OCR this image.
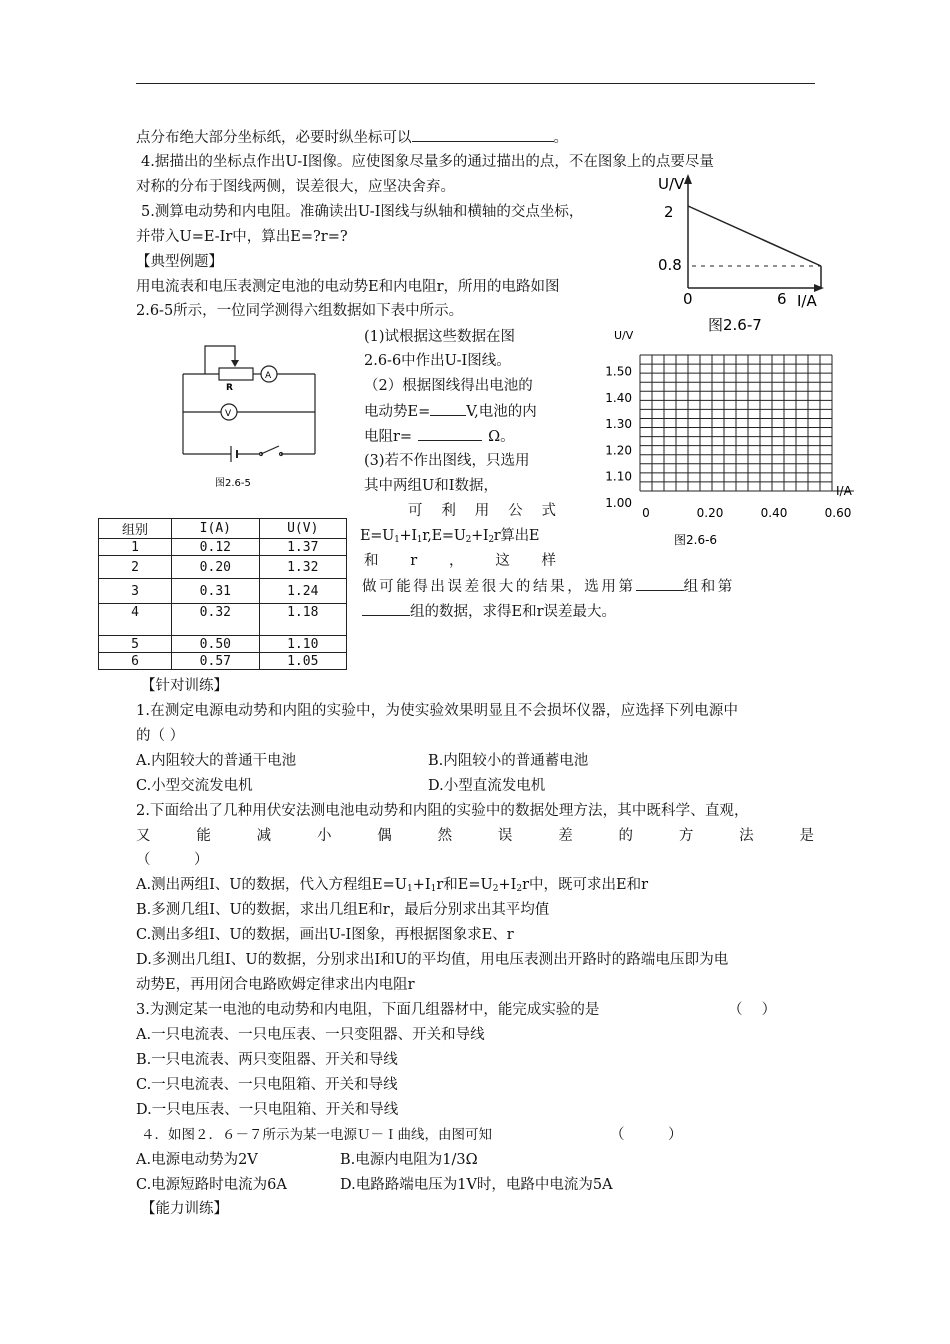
点分布绝大部分坐标纸，必要时纵坐标可以	。
4.据描出的坐标点作出U-I图像。应使图象尽量多的通过描出的点，不在图象上的点要尽量
对称的分布于图线两侧，误差很大，应坚决舍弃。
5.测算电动势和内电阻。准确读出U-I图线与纵轴和横轴的交点坐标，
并带入U=E-Ir中，算出E=?r=?
【典型例题】
用电流表和电压表测定电池的电动势E和内电阻r，所用的电路如图
2.6-5所示，一位同学测得六组数据如下表中所示。
U/V
2
0.8
0	6 I/A
图2.6-7
R
A
V
图2.6-5
(1)试根据这些数据在图
2.6-6中作出U-I图线。
（2）根据图线得出电池的
电动势E= V,电池的内
电阻r=	Ω。
(3)若不作出图线，只选用
其中两组U和I数据，
可利用公式
$E=U_1+I_1r,E=U_2+I_2r$算出E
和r，这样
做可能得出误差很大的结果，选用第	组和第
组的数据，求得E和r误差最大。
U/V
1.50
1.40
1.30
1.20
1.10
1.00
0	0.20	0.40	0.60
I/A
图2.6-6
组别	I(A)	U(V)
1	0.12	1.37
2	0.20	1.32
3	0.31	1.24
4	0.32	1.18
5	0.50	1.10
6	0.57	1.05
【针对训练】
1.在测定电源电动势和内阻的实验中，为使实验效果明显且不会损坏仪器，应选择下列电源中
的（ ）
A.内阻较大的普通干电池	B.内阻较小的普通蓄电池
C.小型交流发电机	D.小型直流发电机
2.下面给出了几种用伏安法测电池电动势和内阻的实验中的数据处理方法，其中既科学、直观，
又能减小偶然误差的方法是
（　　　）
A.测出两组I、U的数据，代入方程组$E=U_1+I_1r$和$E=U_2+I_2r$中，既可求出E和r
B.多测几组I、U的数据，求出几组E和r，最后分别求出其平均值
C.测出多组I、U的数据，画出U-I图象，再根据图象求E、r
D.多测出几组I、U的数据，分别求出I和U的平均值，用电压表测出开路时的路端电压即为电
动势E，再用闭合电路欧姆定律求出内电阻r
3.为测定某一电池的电动势和内电阻，下面几组器材中，能完成实验的是	（　 ）
A.一只电流表、一只电压表、一只变阻器、开关和导线
B.一只电流表、两只变阻器、开关和导线
C.一只电流表、一只电阻箱、开关和导线
D.一只电压表、一只电阻箱、开关和导线
４．如图２．６－７所示为某一电源Ｕ－Ｉ曲线，由图可知	（　　　）
A.电源电动势为2V	B.电源内电阻为1/3Ω
C.电源短路时电流为6A	D.电路路端电压为1V时，电路中电流为5A
【能力训练】
